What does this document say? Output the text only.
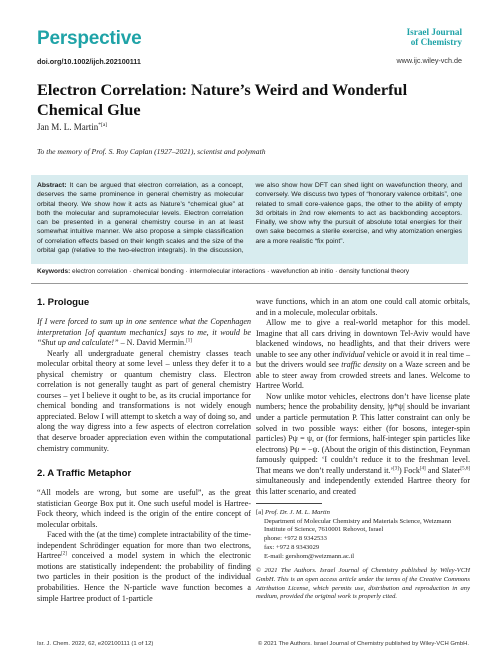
Perspective
doi.org/10.1002/ijch.202100111
Israel Journal
of Chemistry
www.ijc.wiley-vch.de
Electron Correlation: Nature’s Weird and Wonderful Chemical Glue
Jan M. L. Martin$^{*[a]}$
To the memory of Prof. S. Roy Caplan (1927–2021), scientist and polymath
Abstract: It can be argued that electron correlation, as a concept, deserves the same prominence in general chemistry as molecular orbital theory. We show how it acts as Nature’s “chemical glue” at both the molecular and supramolecular levels. Electron correlation can be presented in a general chemistry course in an at least somewhat intuitive manner. We also propose a simple classification of correlation effects based on their length scales and the size of the orbital gap (relative to the two-electron integrals). In the discussion, we also show how DFT can shed light on wavefunction theory, and conversely. We discuss two types of “honorary valence orbitals”, one related to small core-valence gaps, the other to the ability of empty 3d orbitals in 2nd row elements to act as backbonding acceptors. Finally, we show why the pursuit of absolute total energies for their own sake becomes a sterile exercise, and why atomization energies are a more realistic “fix point”.
Keywords: electron correlation · chemical bonding · intermolecular interactions · wavefunction ab initio · density functional theory
1. Prologue

If I were forced to sum up in one sentence what the Copenhagen interpretation [of quantum mechanics] says to me, it would be “Shut up and calculate!” – N. David Mermin.[1]

Nearly all undergraduate general chemistry classes teach molecular orbital theory at some level – unless they defer it to a physical chemistry or quantum chemistry class. Electron correlation is not generally taught as part of general chemistry courses – yet I believe it ought to be, as its crucial importance for chemical bonding and transformations is not widely enough appreciated. Below I will attempt to sketch a way of doing so, and along the way digress into a few aspects of electron correlation that deserve broader appreciation even within the computational chemistry community.

2. A Traffic Metaphor

“All models are wrong, but some are useful”, as the great statistician George Box put it. One such useful model is Hartree-Fock theory, which indeed is the origin of the entire concept of molecular orbitals.

Faced with the (at the time) complete intractability of the time-independent Schrödinger equation for more than two electrons, Hartree[2] conceived a model system in which the electronic motions are statistically independent: the probability of finding two particles in their position is the product of the individual probabilities. Hence the N-particle wave function becomes a simple Hartree product of 1-particle

wave functions, which in an atom one could call atomic orbitals, and in a molecule, molecular orbitals.

Allow me to give a real-world metaphor for this model. Imagine that all cars driving in downtown Tel-Aviv would have blackened windows, no headlights, and that their drivers were unable to see any other individual vehicle or avoid it in real time – but the drivers would see traffic density on a Waze screen and be able to steer away from crowded streets and lanes. Welcome to Hartree World.

Now unlike motor vehicles, electrons don’t have license plate numbers; hence the probability density, |ψ*ψ| should be invariant under a particle permutation P. This latter constraint can only be solved in two possible ways: either (for bosons, integer-spin particles) Pψ = ψ, or (for fermions, half-integer spin particles like electrons) Pψ = −ψ. (About the origin of this distinction, Feynman famously quipped: ‘I couldn’t reduce it to the freshman level. That means we don’t really understand it.’[3]) Fock[4] and Slater[5,6] simultaneously and independently extended Hartree theory for this latter scenario, and created

[a] Prof. Dr. J. M. L. Martin
Department of Molecular Chemistry and Materials Science, Weizmann Institute of Science, 7610001 Rehovot, Israel
phone: +972 8 9342533
fax: +972 8 9343029
E-mail: gershom@weizmann.ac.il
© 2021 The Authors. Israel Journal of Chemistry published by Wiley-VCH GmbH. This is an open access article under the terms of the Creative Commons Attribution License, which permits use, distribution and reproduction in any medium, provided the original work is properly cited.
Isr. J. Chem. 2022, 62, e202100111 (1 of 12)	© 2021 The Authors. Israel Journal of Chemistry published by Wiley-VCH GmbH.
